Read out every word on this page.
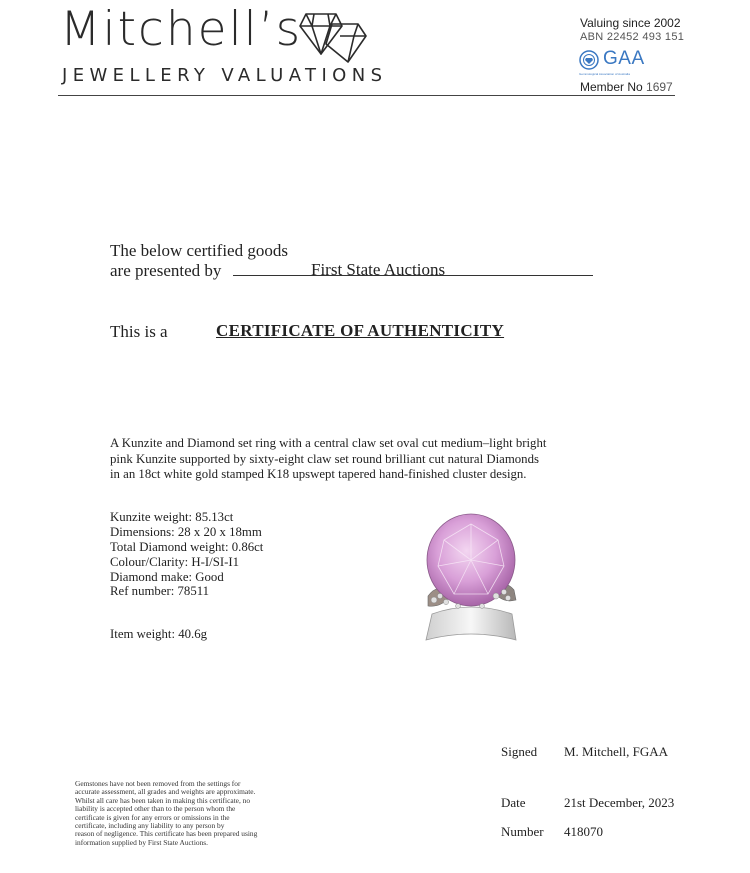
Mitchell’s
JEWELLERY VALUATIONS
Valuing since 2002
ABN 22452 493 151
GAA
Gemmological Association of Australia
Member No 1697
The below certified goods
are presented by	First State Auctions
This is a	CERTIFICATE OF AUTHENTICITY
A Kunzite and Diamond set ring with a central claw set oval cut medium–light bright
pink Kunzite supported by sixty-eight claw set round brilliant cut natural Diamonds
in an 18ct white gold stamped K18 upswept tapered hand-finished cluster design.
Kunzite weight: 85.13ct
Dimensions: 28 x 20 x 18mm
Total Diamond weight: 0.86ct
Colour/Clarity: H-I/SI-I1
Diamond make: Good
Ref number: 78511
Item weight: 40.6g
Signed M. Mitchell, FGAA
Date	21st December, 2023
Number 418070
Gemstones have not been removed from the settings for
accurate assessment, all grades and weights are approximate.
Whilst all care has been taken in making this certificate, no
liability is accepted other than to the person whom the
certificate is given for any errors or omissions in the
certificate, including any liability to any person by
reason of negligence. This certificate has been prepared using
information supplied by First State Auctions.
